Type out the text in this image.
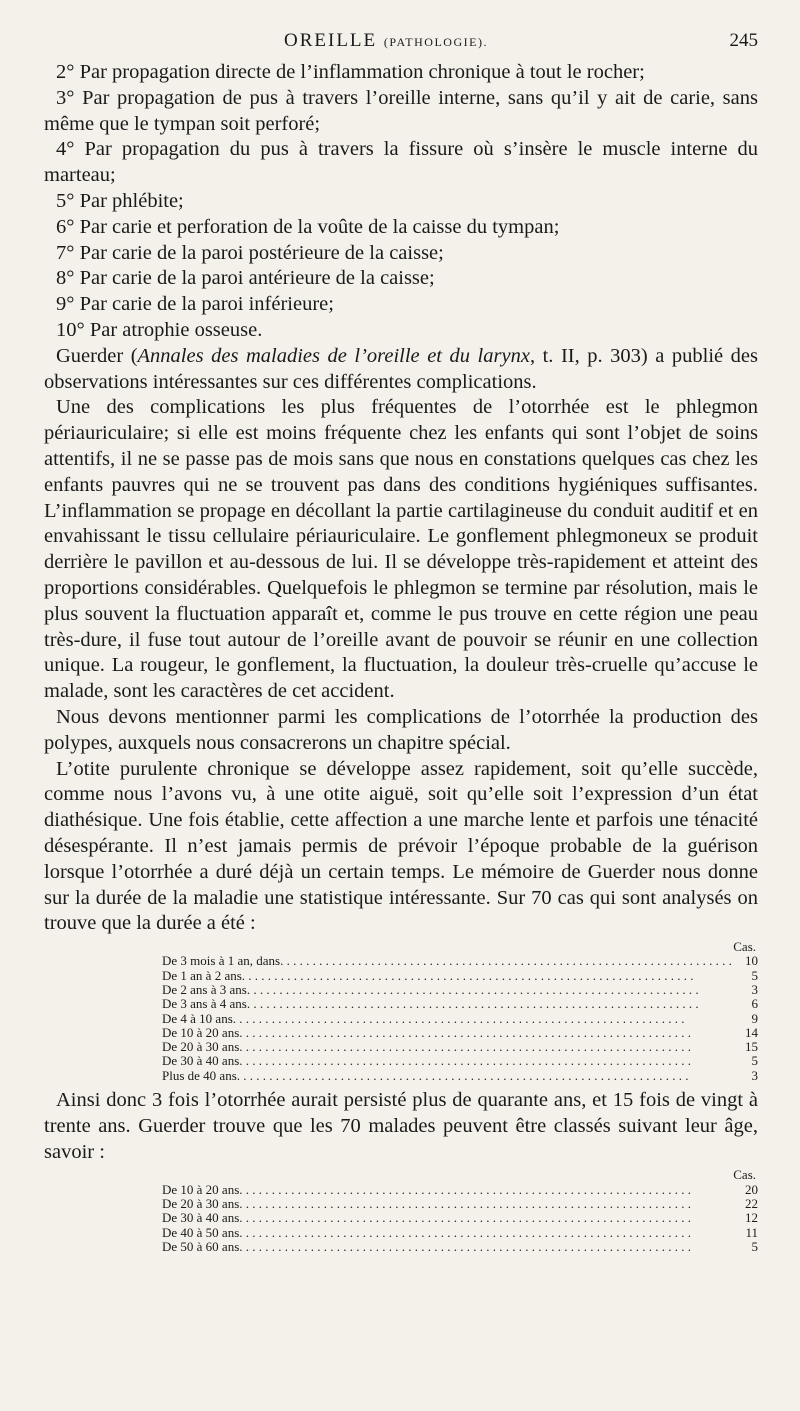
OREILLE (PATHOLOGIE).	245

2° Par propagation directe de l’inflammation chronique à tout le rocher;

3° Par propagation de pus à travers l’oreille interne, sans qu’il y ait de carie, sans même que le tympan soit perforé;

4° Par propagation du pus à travers la fissure où s’insère le muscle interne du marteau;

5° Par phlébite;

6° Par carie et perforation de la voûte de la caisse du tympan;

7° Par carie de la paroi postérieure de la caisse;

8° Par carie de la paroi antérieure de la caisse;

9° Par carie de la paroi inférieure;

10° Par atrophie osseuse.

Guerder (Annales des maladies de l’oreille et du larynx, t. II, p. 303) a publié des observations intéressantes sur ces différentes complications.

Une des complications les plus fréquentes de l’otorrhée est le phlegmon périauriculaire; si elle est moins fréquente chez les enfants qui sont l’objet de soins attentifs, il ne se passe pas de mois sans que nous en constations quelques cas chez les enfants pauvres qui ne se trouvent pas dans des conditions hygiéniques suffisantes. L’inflammation se propage en décollant la partie cartilagineuse du conduit auditif et en envahissant le tissu cellulaire périauriculaire. Le gonflement phlegmoneux se produit derrière le pavillon et au-dessous de lui. Il se développe très-rapidement et atteint des proportions considérables. Quelquefois le phlegmon se termine par résolution, mais le plus souvent la fluctuation apparaît et, comme le pus trouve en cette région une peau très-dure, il fuse tout autour de l’oreille avant de pouvoir se réunir en une collection unique. La rougeur, le gonflement, la fluctuation, la douleur très-cruelle qu’accuse le malade, sont les caractères de cet accident.

Nous devons mentionner parmi les complications de l’otorrhée la production des polypes, auxquels nous consacrerons un chapitre spécial.

L’otite purulente chronique se développe assez rapidement, soit qu’elle succède, comme nous l’avons vu, à une otite aiguë, soit qu’elle soit l’expression d’un état diathésique. Une fois établie, cette affection a une marche lente et parfois une ténacité désespérante. Il n’est jamais permis de prévoir l’époque probable de la guérison lorsque l’otorrhée a duré déjà un certain temps. Le mémoire de Guerder nous donne sur la durée de la maladie une statistique intéressante. Sur 70 cas qui sont analysés on trouve que la durée a été :

Cas.
De 3 mois à 1 an, dans . . .	10
De 1 an à 2 ans . . .	5
De 2 ans à 3 ans . . .	3
De 3 ans à 4 ans . . .	6
De 4 à 10 ans . . .	9
De 10 à 20 ans . . .	14
De 20 à 30 ans . . .	15
De 30 à 40 ans . . .	5
Plus de 40 ans . . .	3

Ainsi donc 3 fois l’otorrhée aurait persisté plus de quarante ans, et 15 fois de vingt à trente ans. Guerder trouve que les 70 malades peuvent être classés suivant leur âge, savoir :

Cas.
De 10 à 20 ans . . .	20
De 20 à 30 ans . . .	22
De 30 à 40 ans . . .	12
De 40 à 50 ans . . .	11
De 50 à 60 ans . . .	5
